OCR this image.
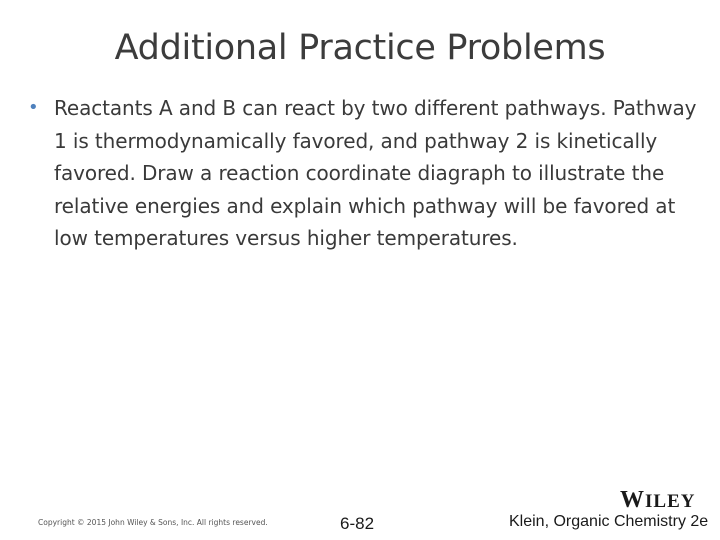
Additional Practice Problems
• Reactants A and B can react by two different pathways. Pathway 1 is thermodynamically favored, and pathway 2 is kinetically favored. Draw a reaction coordinate diagraph to illustrate the relative energies and explain which pathway will be favored at low temperatures versus higher temperatures.

W ILEY
Copyright © 2015 John Wiley & Sons, Inc. All rights reserved.	6-82	Klein, Organic Chemistry 2e
